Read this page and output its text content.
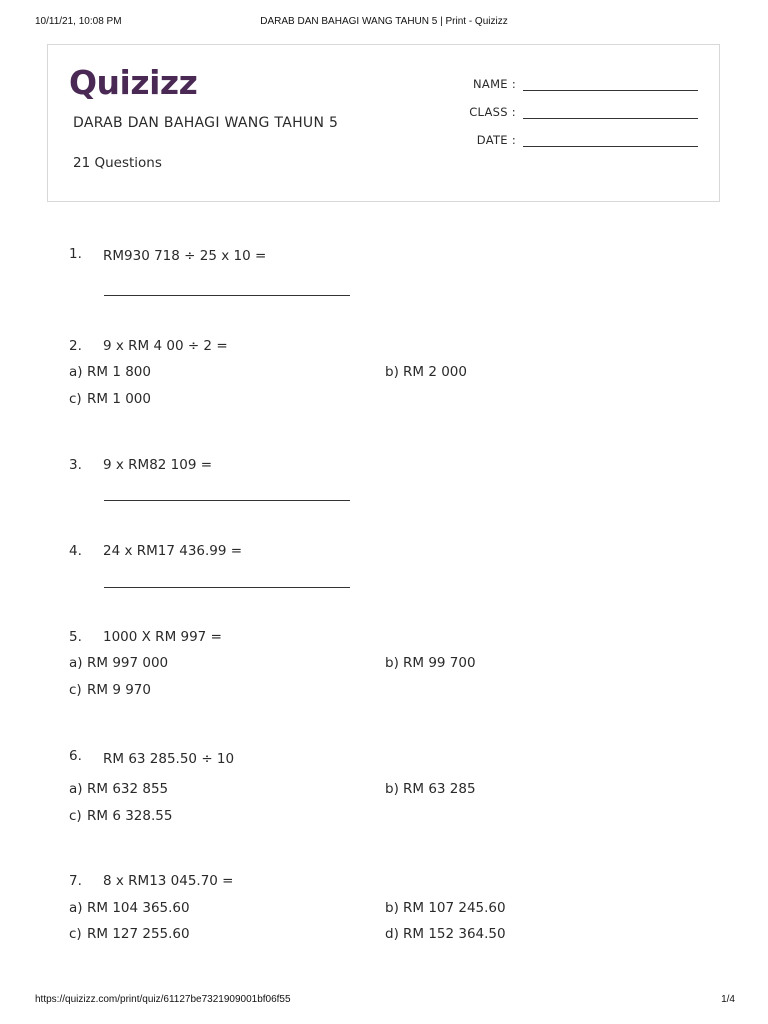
10/11/21, 10:08 PM	DARAB DAN BAHAGI WANG TAHUN 5 | Print - Quizizz
Quizizz
DARAB DAN BAHAGI WANG TAHUN 5
21 Questions
NAME :
CLASS :
DATE :
1. RM930 718 ÷ 25 x 10 =
2. 9 x RM 4 00 ÷ 2 =
a) RM 1 800	b) RM 2 000
c) RM 1 000
3. 9 x RM82 109 =
4. 24 x RM17 436.99 =
5. 1000 X RM 997 =
a) RM 997 000	b) RM 99 700
c) RM 9 970
6. RM 63 285.50 ÷ 10
a) RM 632 855	b) RM 63 285
c) RM 6 328.55
7. 8 x RM13 045.70 =
a) RM 104 365.60	b) RM 107 245.60
c) RM 127 255.60	d) RM 152 364.50
https://quizizz.com/print/quiz/61127be7321909001bf06f55	1/4
